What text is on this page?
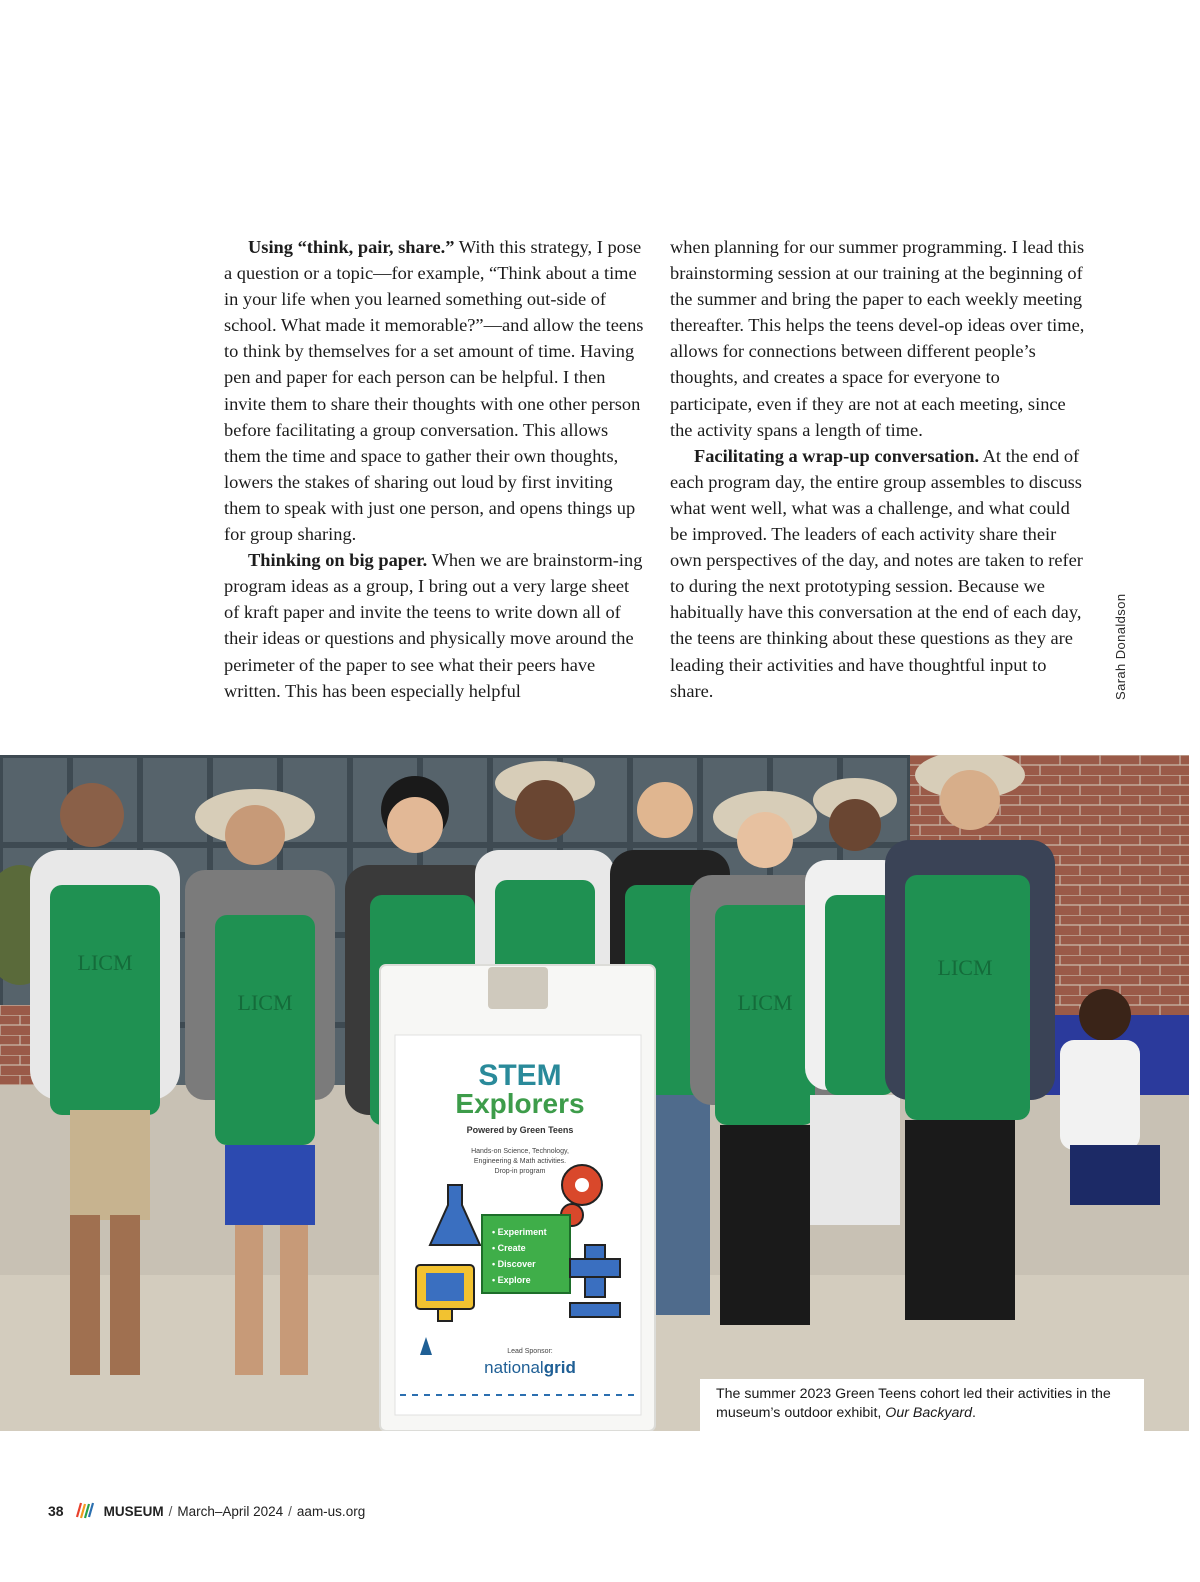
Using “think, pair, share.” With this strategy, I pose a question or a topic—for example, “Think about a time in your life when you learned something out-side of school. What made it memorable?”—and allow the teens to think by themselves for a set amount of time. Having pen and paper for each person can be helpful. I then invite them to share their thoughts with one other person before facilitating a group conversation. This allows them the time and space to gather their own thoughts, lowers the stakes of sharing out loud by first inviting them to speak with just one person, and opens things up for group sharing.

Thinking on big paper. When we are brainstorm-ing program ideas as a group, I bring out a very large sheet of kraft paper and invite the teens to write down all of their ideas or questions and physically move around the perimeter of the paper to see what their peers have written. This has been especially helpful

when planning for our summer programming. I lead this brainstorming session at our training at the beginning of the summer and bring the paper to each weekly meeting thereafter. This helps the teens devel-op ideas over time, allows for connections between different people’s thoughts, and creates a space for everyone to participate, even if they are not at each meeting, since the activity spans a length of time.

Facilitating a wrap-up conversation. At the end of each program day, the entire group assembles to discuss what went well, what was a challenge, and what could be improved. The leaders of each activity share their own perspectives of the day, and notes are taken to refer to during the next prototyping session. Because we habitually have this conversation at the end of each day, the teens are thinking about these questions as they are leading their activities and have thoughtful input to share.	Sarah Donaldson
STEM
Explorers
Powered by Green Teens
Hands-on Science, Technology,
Engineering & Math activities.
Drop-in program
• Experiment
• Create
• Discover
• Explore
Lead Sponsor:
nationalgrid
LICM
LICM	LICM
LICM
The summer 2023 Green Teens cohort led their activities in the museum’s outdoor exhibit, Our Backyard.
38	MUSEUM / March–April 2024 / aam-us.org
